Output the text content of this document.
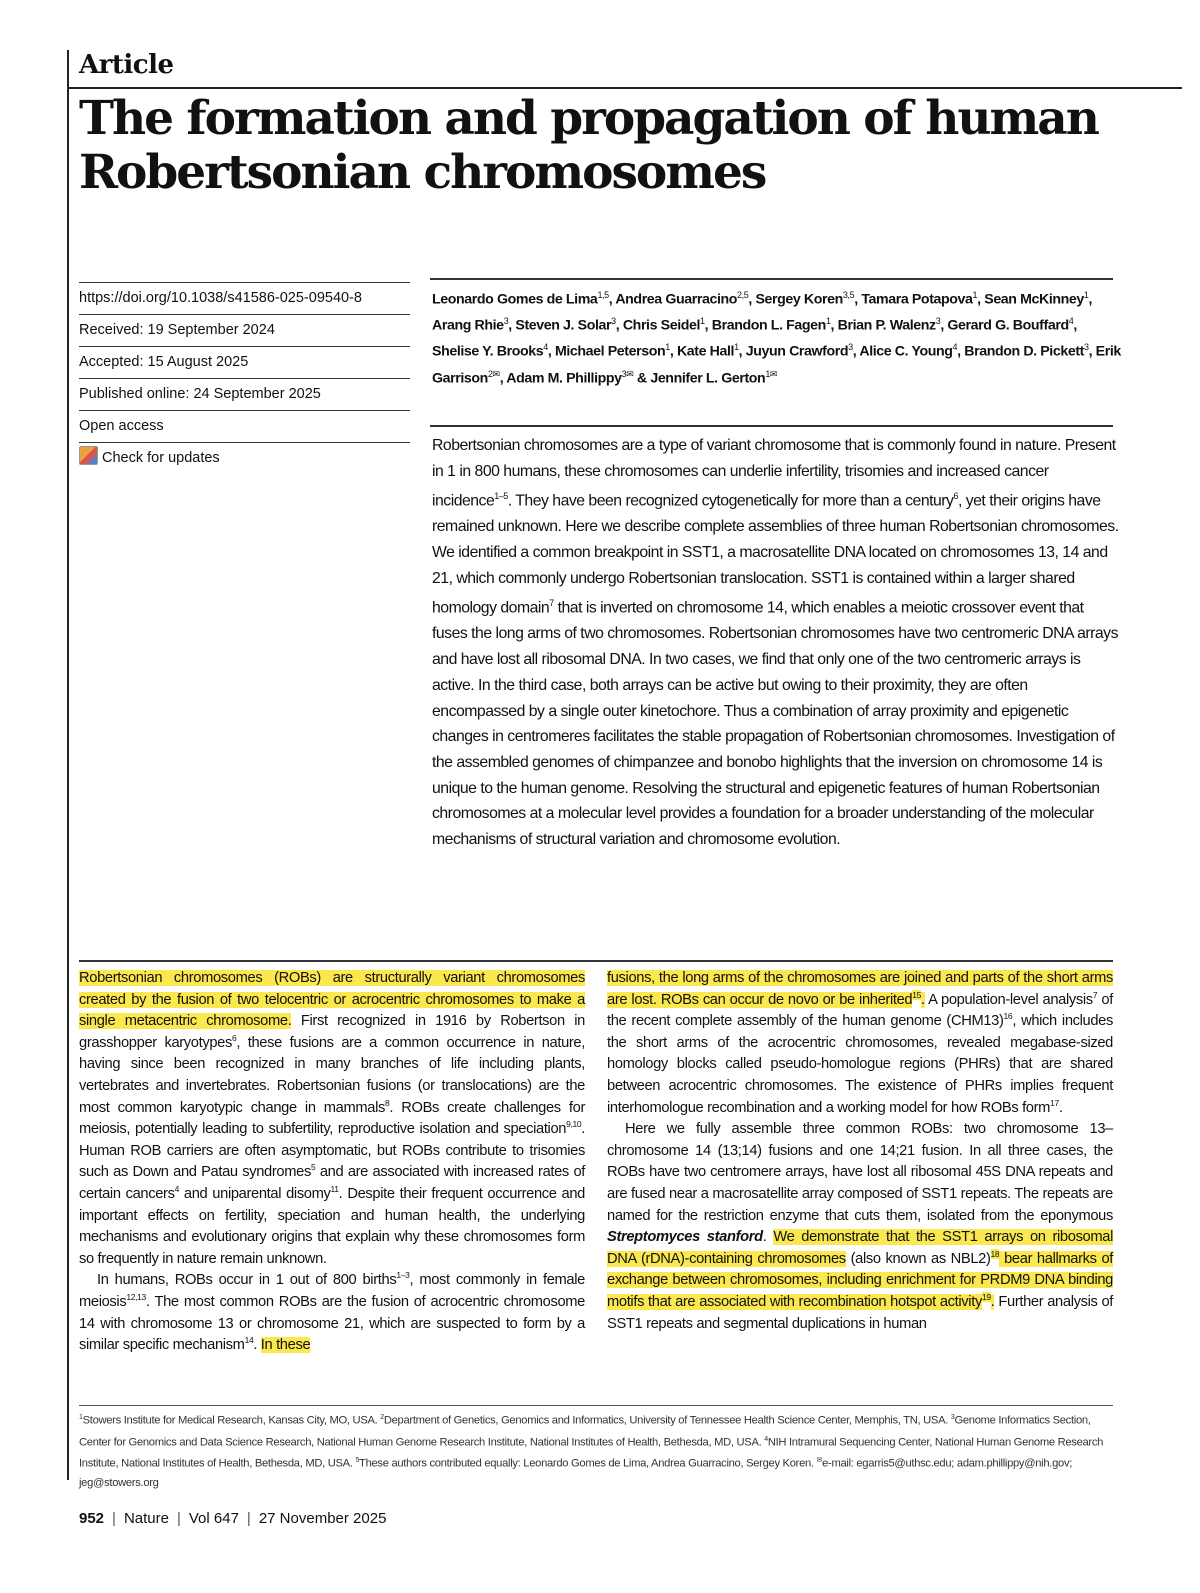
Article
The formation and propagation of human Robertsonian chromosomes
https://doi.org/10.1038/s41586-025-09540-8
Received: 19 September 2024
Accepted: 15 August 2025
Published online: 24 September 2025
Open access
Check for updates
Leonardo Gomes de Lima$^{1,5}$, Andrea Guarracino$^{2,5}$, Sergey Koren$^{3,5}$, Tamara Potapova$^1$, Sean McKinney$^1$, Arang Rhie$^3$, Steven J. Solar$^3$, Chris Seidel$^1$, Brandon L. Fagen$^1$, Brian P. Walenz$^3$, Gerard G. Bouffard$^4$, Shelise Y. Brooks$^4$, Michael Peterson$^1$, Kate Hall$^1$, Juyun Crawford$^3$, Alice C. Young$^4$, Brandon D. Pickett$^3$, Erik Garrison$^{2✉}$, Adam M. Phillippy$^{3✉}$ & Jennifer L. Gerton$^{1✉}$

Robertsonian chromosomes are a type of variant chromosome that is commonly found in nature. Present in 1 in 800 humans, these chromosomes can underlie infertility, trisomies and increased cancer incidence$^{1-5}$. They have been recognized cytogenetically for more than a century$^6$, yet their origins have remained unknown. Here we describe complete assemblies of three human Robertsonian chromosomes. We identified a common breakpoint in SST1, a macrosatellite DNA located on chromosomes 13, 14 and 21, which commonly undergo Robertsonian translocation. SST1 is contained within a larger shared homology domain$^7$ that is inverted on chromosome 14, which enables a meiotic crossover event that fuses the long arms of two chromosomes. Robertsonian chromosomes have two centromeric DNA arrays and have lost all ribosomal DNA. In two cases, we find that only one of the two centromeric arrays is active. In the third case, both arrays can be active but owing to their proximity, they are often encompassed by a single outer kinetochore. Thus a combination of array proximity and epigenetic changes in centromeres facilitates the stable propagation of Robertsonian chromosomes. Investigation of the assembled genomes of chimpanzee and bonobo highlights that the inversion on chromosome 14 is unique to the human genome. Resolving the structural and epigenetic features of human Robertsonian chromosomes at a molecular level provides a foundation for a broader understanding of the molecular mechanisms of structural variation and chromosome evolution.

Robertsonian chromosomes (ROBs) are structurally variant chromosomes created by the fusion of two telocentric or acrocentric chromosomes to make a single metacentric chromosome. First recognized in 1916 by Robertson in grasshopper karyotypes$^6$, these fusions are a common occurrence in nature, having since been recognized in many branches of life including plants, vertebrates and invertebrates. Robertsonian fusions (or translocations) are the most common karyotypic change in mammals$^8$. ROBs create challenges for meiosis, potentially leading to subfertility, reproductive isolation and speciation$^{9,10}$. Human ROB carriers are often asymptomatic, but ROBs contribute to trisomies such as Down and Patau syndromes$^5$ and are associated with increased rates of certain cancers$^4$ and uniparental disomy$^{11}$. Despite their frequent occurrence and important effects on fertility, speciation and human health, the underlying mechanisms and evolutionary origins that explain why these chromosomes form so frequently in nature remain unknown.

In humans, ROBs occur in 1 out of 800 births$^{1-3}$, most commonly in female meiosis$^{12,13}$. The most common ROBs are the fusion of acrocentric chromosome 14 with chromosome 13 or chromosome 21, which are suspected to form by a similar specific mechanism$^{14}$. In these

fusions, the long arms of the chromosomes are joined and parts of the short arms are lost. ROBs can occur de novo or be inherited$^{15}$. A population-level analysis$^7$ of the recent complete assembly of the human genome $(CHM13)^{16}$, which includes the short arms of the acrocentric chromosomes, revealed megabase-sized homology blocks called pseudo-homologue regions (PHRs) that are shared between acrocentric chromosomes. The existence of PHRs implies frequent interhomologue recombination and a working model for how ROBs form$^{17}$.

Here we fully assemble three common ROBs: two chromosome 13–chromosome 14 (13;14) fusions and one 14;21 fusion. In all three cases, the ROBs have two centromere arrays, have lost all ribosomal 45S DNA repeats and are fused near a macrosatellite array composed of SST1 repeats. The repeats are named for the restriction enzyme that cuts them, isolated from the eponymous Streptomyces stanford. We demonstrate that the SST1 arrays on ribosomal DNA (rDNA)-containing chromosomes (also known as NBL2)$^{18}$ bear hallmarks of exchange between chromosomes, including enrichment for PRDM9 DNA binding motifs that are associated with recombination hotspot activity$^{19}$. Further analysis of SST1 repeats and segmental duplications in human

$^1$Stowers Institute for Medical Research, Kansas City, MO, USA. $^2$Department of Genetics, Genomics and Informatics, University of Tennessee Health Science Center, Memphis, TN, USA. $^3$Genome Informatics Section, Center for Genomics and Data Science Research, National Human Genome Research Institute, National Institutes of Health, Bethesda, MD, USA. $^4$NIH Intramural Sequencing Center, National Human Genome Research Institute, National Institutes of Health, Bethesda, MD, USA. $^5$These authors contributed equally: Leonardo Gomes de Lima, Andrea Guarracino, Sergey Koren. ✉e-mail: egarris5@uthsc.edu; adam.phillippy@nih.gov; jeg@stowers.org

952 | Nature | Vol 647 | 27 November 2025
